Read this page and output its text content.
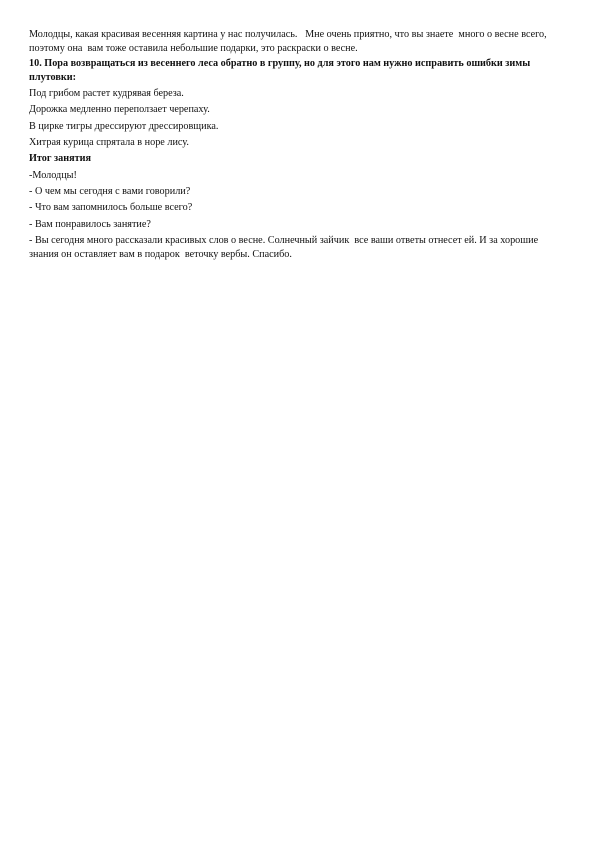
Молодцы, какая красивая весенняя картина у нас получилась.   Мне очень приятно, что вы знаете  много о весне всего, поэтому она  вам тоже оставила небольшие подарки, это раскраски о весне.

10. Пора возвращаться из весеннего леса обратно в группу, но для этого нам нужно исправить ошибки зимы плутовки:

Под грибом растет кудрявая береза.

Дорожка медленно переползает черепаху.

В цирке тигры дрессируют дрессировщика.

Хитрая курица спрятала в норе лису.

Итог занятия

-Молодцы!

- О чем мы сегодня с вами говорили?

- Что вам запомнилось больше всего?

- Вам понравилось занятие?

- Вы сегодня много рассказали красивых слов о весне. Солнечный зайчик  все ваши ответы отнесет ей. И за хорошие знания он оставляет вам в подарок  веточку вербы. Спасибо.
